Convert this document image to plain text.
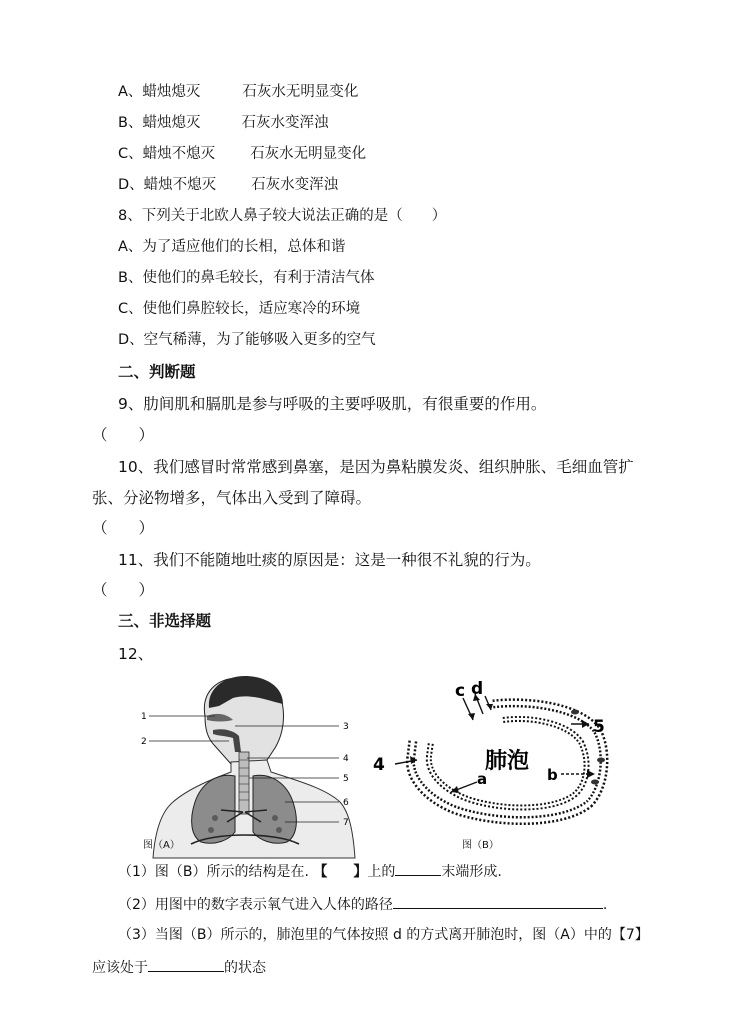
A、蜡烛熄灭	石灰水无明显变化
B、蜡烛熄灭	石灰水变浑浊
C、蜡烛不熄灭 石灰水无明显变化
D、蜡烛不熄灭 石灰水变浑浊
8、下列关于北欧人鼻子较大说法正确的是（　　）
A、为了适应他们的长相，总体和谐
B、使他们的鼻毛较长，有利于清洁气体
C、使他们鼻腔较长，适应寒冷的环境
D、空气稀薄，为了能够吸入更多的空气
二、判断题
9、肋间肌和膈肌是参与呼吸的主要呼吸肌，有很重要的作用。
（　　）
10、我们感冒时常常感到鼻塞，是因为鼻粘膜发炎、组织肿胀、毛细血管扩
张、分泌物增多，气体出入受到了障碍。
（　　）
11、我们不能随地吐痰的原因是：这是一种很不礼貌的行为。
（　　）
三、非选择题
12、
1
2
3
4
5
6
7
图（A）
c d
a	b
4
5
肺泡
图（B）
（1）图（B）所示的结构是在. 【 】上的	末端形成.
（2）用图中的数字表示氧气进入人体的路径	.
（3）当图（B）所示的，肺泡里的气体按照 d 的方式离开肺泡时，图（A）中的【7】
应该处于	的状态
